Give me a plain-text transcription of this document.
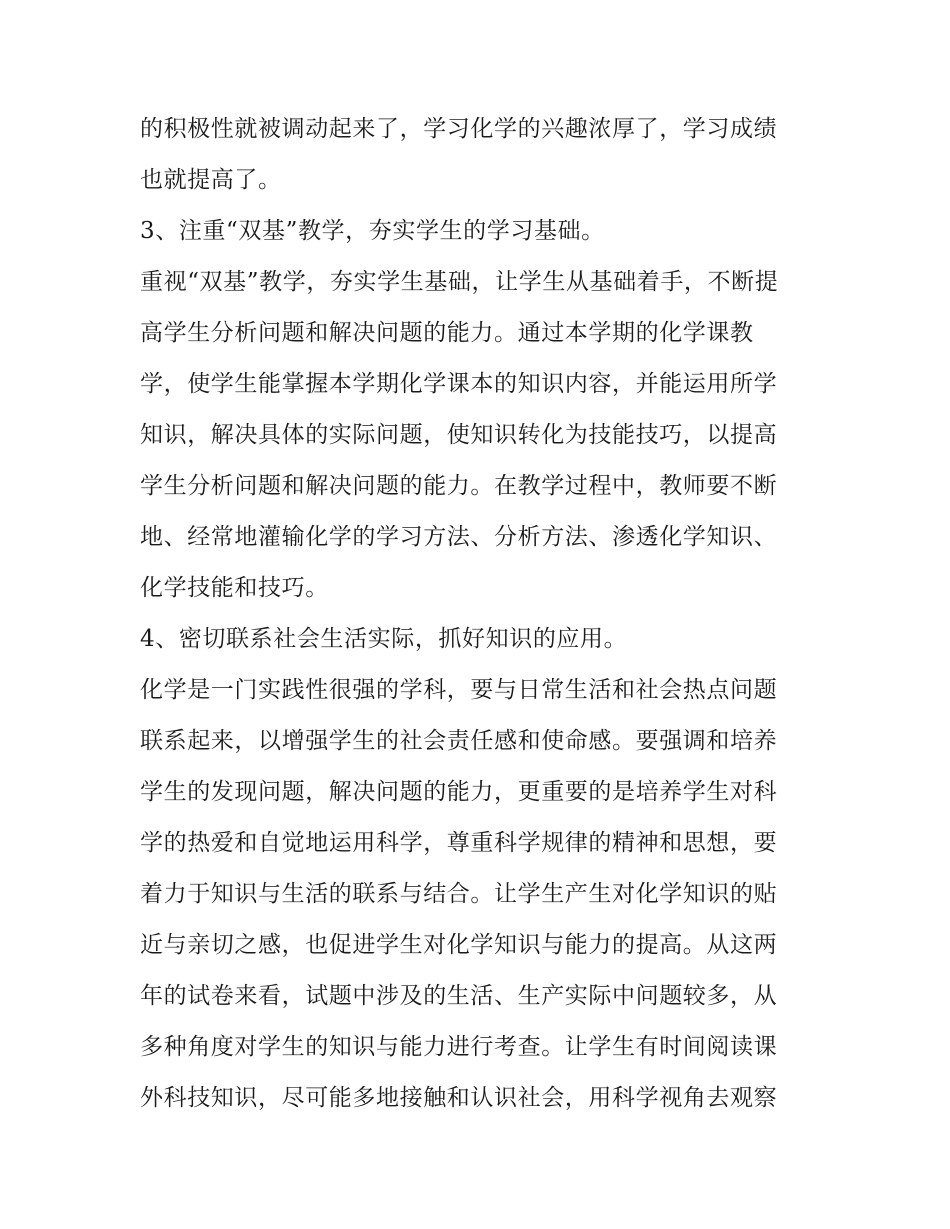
的积极性就被调动起来了，学习化学的兴趣浓厚了，学习成绩
也就提高了。
3、注重“双基”教学，夯实学生的学习基础。
重视“双基”教学，夯实学生基础，让学生从基础着手，不断提
高学生分析问题和解决问题的能力。通过本学期的化学课教
学，使学生能掌握本学期化学课本的知识内容，并能运用所学
知识，解决具体的实际问题，使知识转化为技能技巧，以提高
学生分析问题和解决问题的能力。在教学过程中，教师要不断
地、经常地灌输化学的学习方法、分析方法、渗透化学知识、
化学技能和技巧。
4、密切联系社会生活实际，抓好知识的应用。
化学是一门实践性很强的学科，要与日常生活和社会热点问题
联系起来，以增强学生的社会责任感和使命感。要强调和培养
学生的发现问题，解决问题的能力，更重要的是培养学生对科
学的热爱和自觉地运用科学，尊重科学规律的精神和思想，要
着力于知识与生活的联系与结合。让学生产生对化学知识的贴
近与亲切之感，也促进学生对化学知识与能力的提高。从这两
年的试卷来看，试题中涉及的生活、生产实际中问题较多，从
多种角度对学生的知识与能力进行考查。让学生有时间阅读课
外科技知识，尽可能多地接触和认识社会，用科学视角去观察
